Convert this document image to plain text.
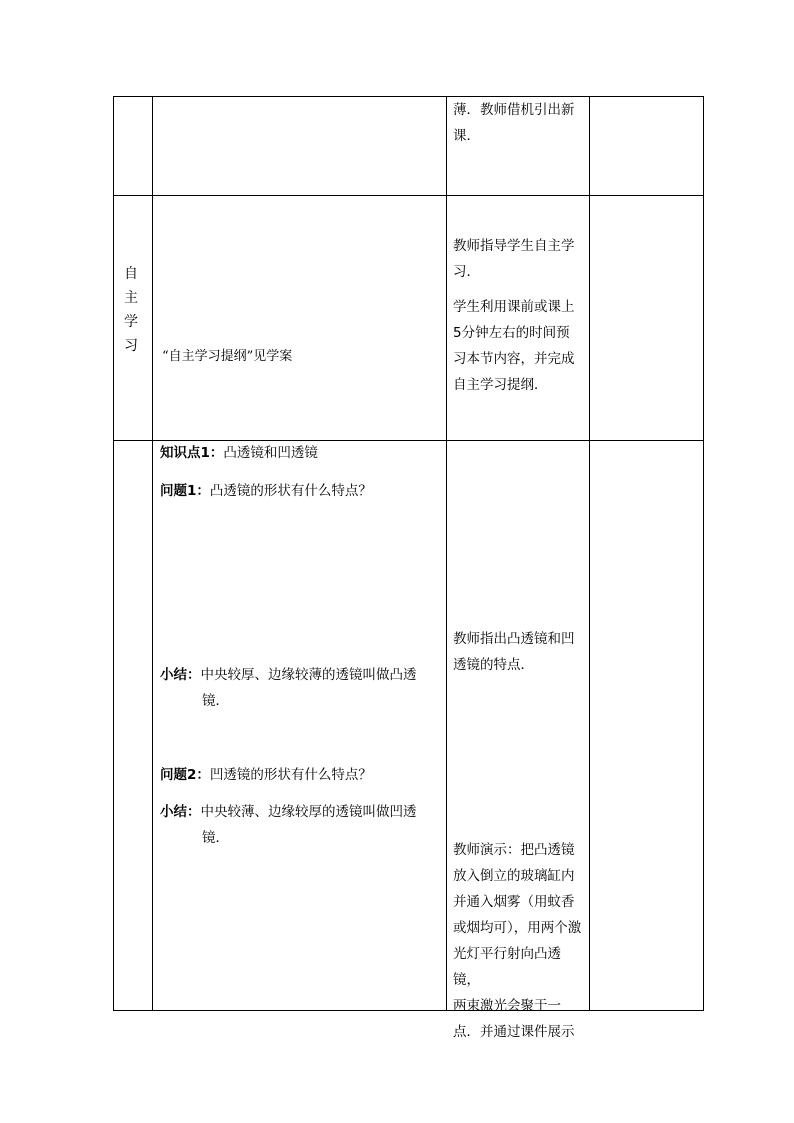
薄．教师借机引出新

课．

自
主
学
习
“自主学习提纲”见学案

教师指导学生自主学

习．

学生利用课前或课上

5分钟左右的时间预

习本节内容，并完成

自主学习提纲．

知识点1：凸透镜和凹透镜
问题1：凸透镜的形状有什么特点？
小结： 中央较厚、边缘较薄的透镜叫做凸透

镜．

问题2：凹透镜的形状有什么特点？
小结： 中央较薄、边缘较厚的透镜叫做凹透

镜．

教师指出凸透镜和凹

透镜的特点．

教师演示：把凸透镜

放入倒立的玻璃缸内

并通入烟雾（用蚊香

或烟均可），用两个激

光灯平行射向凸透镜，

两束激光会聚于一

点．并通过课件展示
